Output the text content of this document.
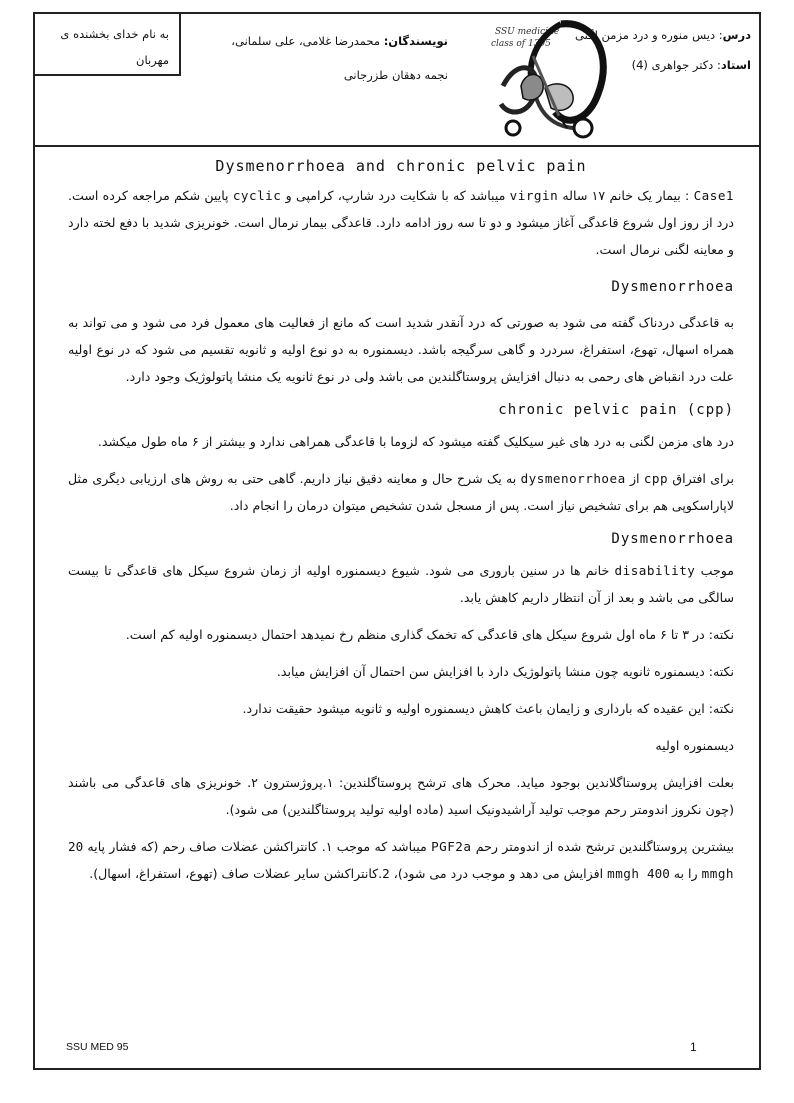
درس: دیس منوره و درد مزمن لگنی
استاد: دکتر جواهری (4)
SSU medicine
class of 1395
نویسندگان: محمدرضا غلامی، علی سلمانی،
نجمه دهقان طزرجانی
به نام خدای بخشنده ی مهربان
Dysmenorrhoea and chronic pelvic pain

Case1 : بیمار یک خانم ۱۷ ساله virgin میباشد که با شکایت درد شارپ، کرامپی و cyclic پایین شکم مراجعه کرده است. درد از روز اول شروع قاعدگی آغاز میشود و دو تا سه روز ادامه دارد. قاعدگی بیمار نرمال است. خونریزی شدید با دفع لخته دارد و معاینه لگنی نرمال است.

Dysmenorrhoea

به قاعدگی دردناک گفته می شود به صورتی که درد آنقدر شدید است که مانع از فعالیت های معمول فرد می شود و می تواند به همراه اسهال، تهوع، استفراغ، سردرد و گاهی سرگیجه باشد. دیسمنوره به دو نوع اولیه و ثانویه تقسیم می شود که در نوع اولیه علت درد انقباض های رحمی به دنبال افزایش پروستاگلندین می باشد ولی در نوع ثانویه یک منشا پاتولوژیک وجود دارد.

chronic pelvic pain (cpp)

درد های مزمن لگنی به درد های غیر سیکلیک گفته میشود که لزوما با قاعدگی همراهی ندارد و بیشتر از ۶ ماه طول میکشد.

برای افتراق cpp از dysmenorrhoea به یک شرح حال و معاینه دقیق نیاز داریم. گاهی حتی به روش های ارزیابی دیگری مثل لاپاراسکوپی هم برای تشخیص نیاز است. پس از مسجل شدن تشخیص میتوان درمان را انجام داد.

Dysmenorrhoea

موجب disability خانم ها در سنین باروری می شود. شیوع دیسمنوره اولیه از زمان شروع سیکل های قاعدگی تا بیست سالگی می باشد و بعد از آن انتظار داریم کاهش یابد.

نکته: در ۳ تا ۶ ماه اول شروع سیکل های قاعدگی که تخمک گذاری منظم رخ نمیدهد احتمال دیسمنوره اولیه کم است.

نکته: دیسمنوره ثانویه چون منشا پاتولوژیک دارد با افزایش سن احتمال آن افزایش میابد.

نکته: این عقیده که بارداری و زایمان باعث کاهش دیسمنوره اولیه و ثانویه میشود حقیقت ندارد.

دیسمنوره اولیه

بعلت افزایش پروستاگلاندین بوجود میاید. محرک های ترشح پروستاگلندین: ۱.پروژسترون ۲. خونریزی های قاعدگی می باشند (چون نکروز اندومتر رحم موجب تولید آراشیدونیک اسید (ماده اولیه تولید پروستاگلندین) می شود).

بیشترین پروستاگلندین ترشح شده از اندومتر رحم PGF2a میباشد که موجب ۱. کانتراکشن عضلات صاف رحم (که فشار پایه 20 mmgh را به 400 mmgh افزایش می دهد و موجب درد می شود)، 2.کانتراکشن سایر عضلات صاف (تهوع، استفراغ، اسهال).

SSU MED 95	1
